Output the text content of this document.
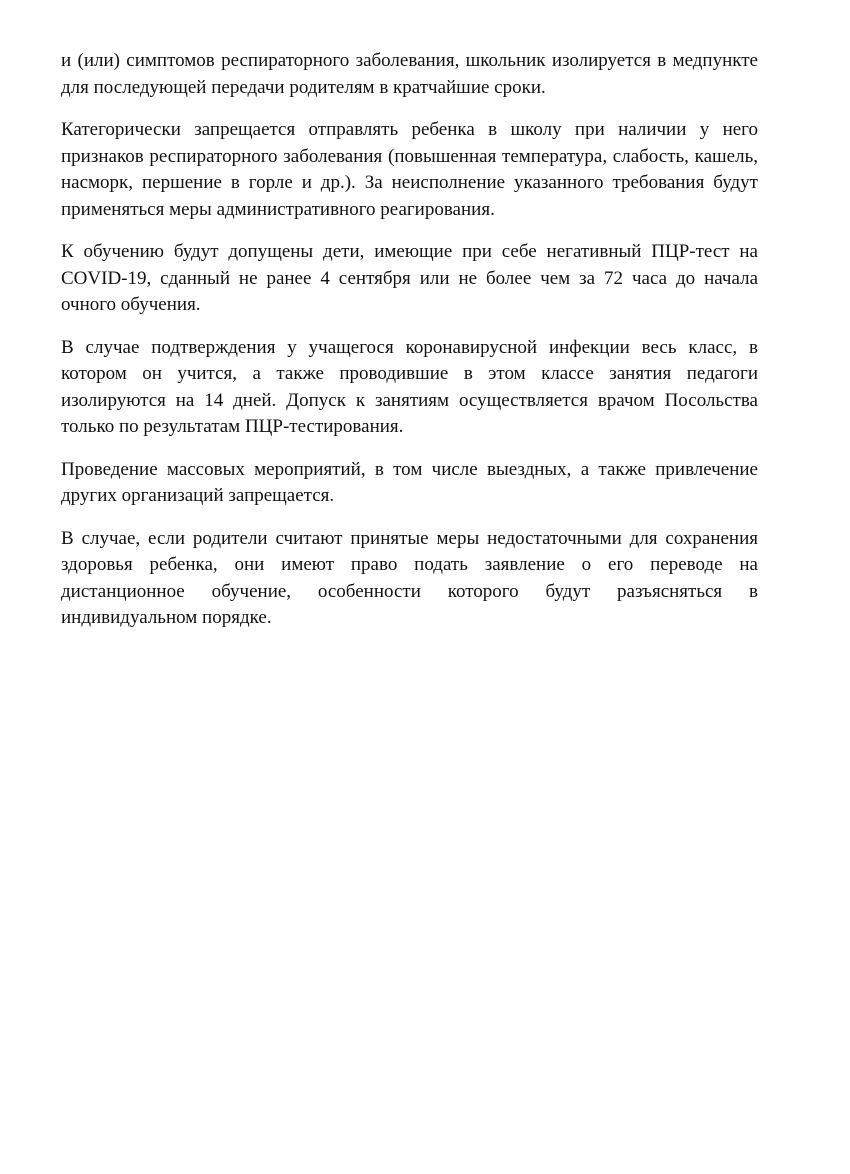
и (или) симптомов респираторного заболевания, школьник изолируется в медпункте для последующей передачи родителям в кратчайшие сроки.

Категорически запрещается отправлять ребенка в школу при наличии у него признаков респираторного заболевания (повышенная температура, слабость, кашель, насморк, першение в горле и др.). За неисполнение указанного требования будут применяться меры административного реагирования.

К обучению будут допущены дети, имеющие при себе негативный ПЦР-тест на COVID-19, сданный не ранее 4 сентября или не более чем за 72 часа до начала очного обучения.

В случае подтверждения у учащегося коронавирусной инфекции весь класс, в котором он учится, а также проводившие в этом классе занятия педагоги изолируются на 14 дней. Допуск к занятиям осуществляется врачом Посольства только по результатам ПЦР-тестирования.

Проведение массовых мероприятий, в том числе выездных, а также привлечение других организаций запрещается.

В случае, если родители считают принятые меры недостаточными для сохранения здоровья ребенка, они имеют право подать заявление о его переводе на дистанционное обучение, особенности которого будут разъясняться в индивидуальном порядке.
